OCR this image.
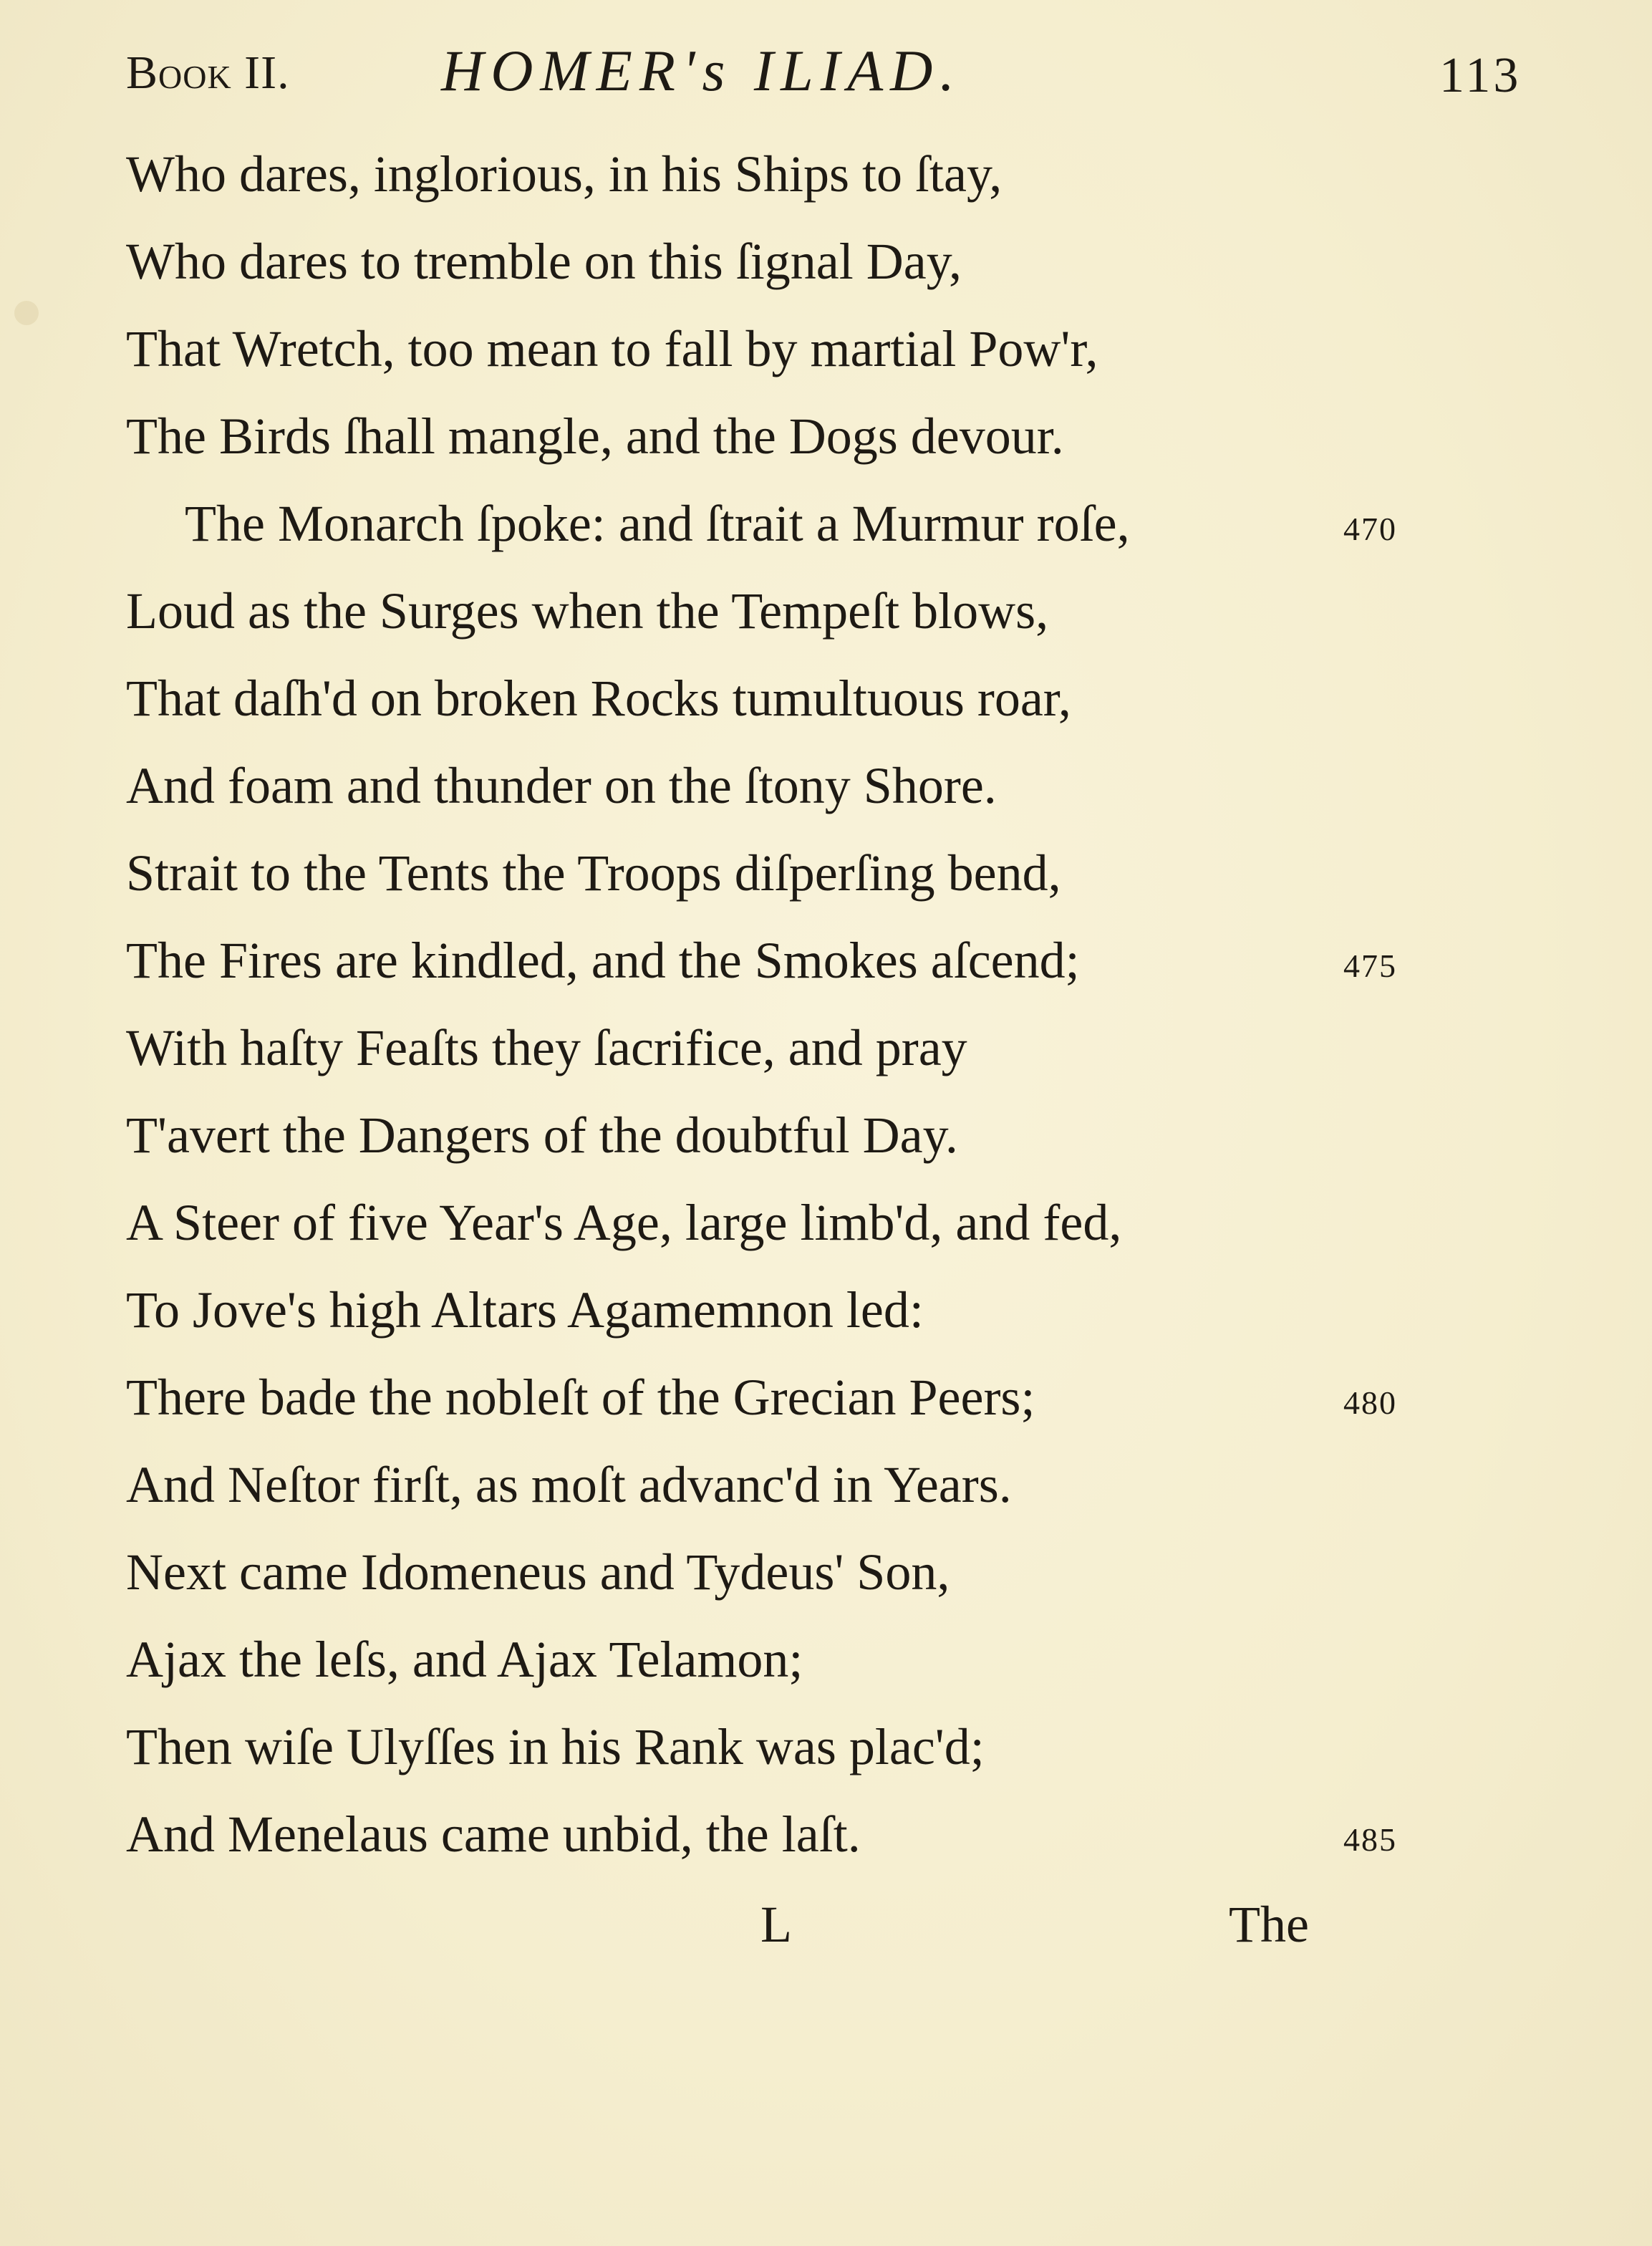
Book II.	HOMER's ILIAD.	113
Who dares, inglorious, in his Ships to ſtay,
Who dares to tremble on this ſignal Day,
That Wretch, too mean to fall by martial Pow'r,
The Birds ſhall mangle, and the Dogs devour.
The Monarch ſpoke: and ſtrait a Murmur roſe,	470
Loud as the Surges when the Tempeſt blows,
That daſh'd on broken Rocks tumultuous roar,
And foam and thunder on the ſtony Shore.
Strait to the Tents the Troops diſperſing bend,
The Fires are kindled, and the Smokes aſcend;	475
With haſty Feaſts they ſacrifice, and pray
T'avert the Dangers of the doubtful Day.
A Steer of five Year's Age, large limb'd, and fed,
To Jove's high Altars Agamemnon led:
There bade the nobleſt of the Grecian Peers;	480
And Neſtor firſt, as moſt advanc'd in Years.
Next came Idomeneus and Tydeus' Son,
Ajax the leſs, and Ajax Telamon;
Then wiſe Ulyſſes in his Rank was plac'd;
And Menelaus came unbid, the laſt.	485
L	The
